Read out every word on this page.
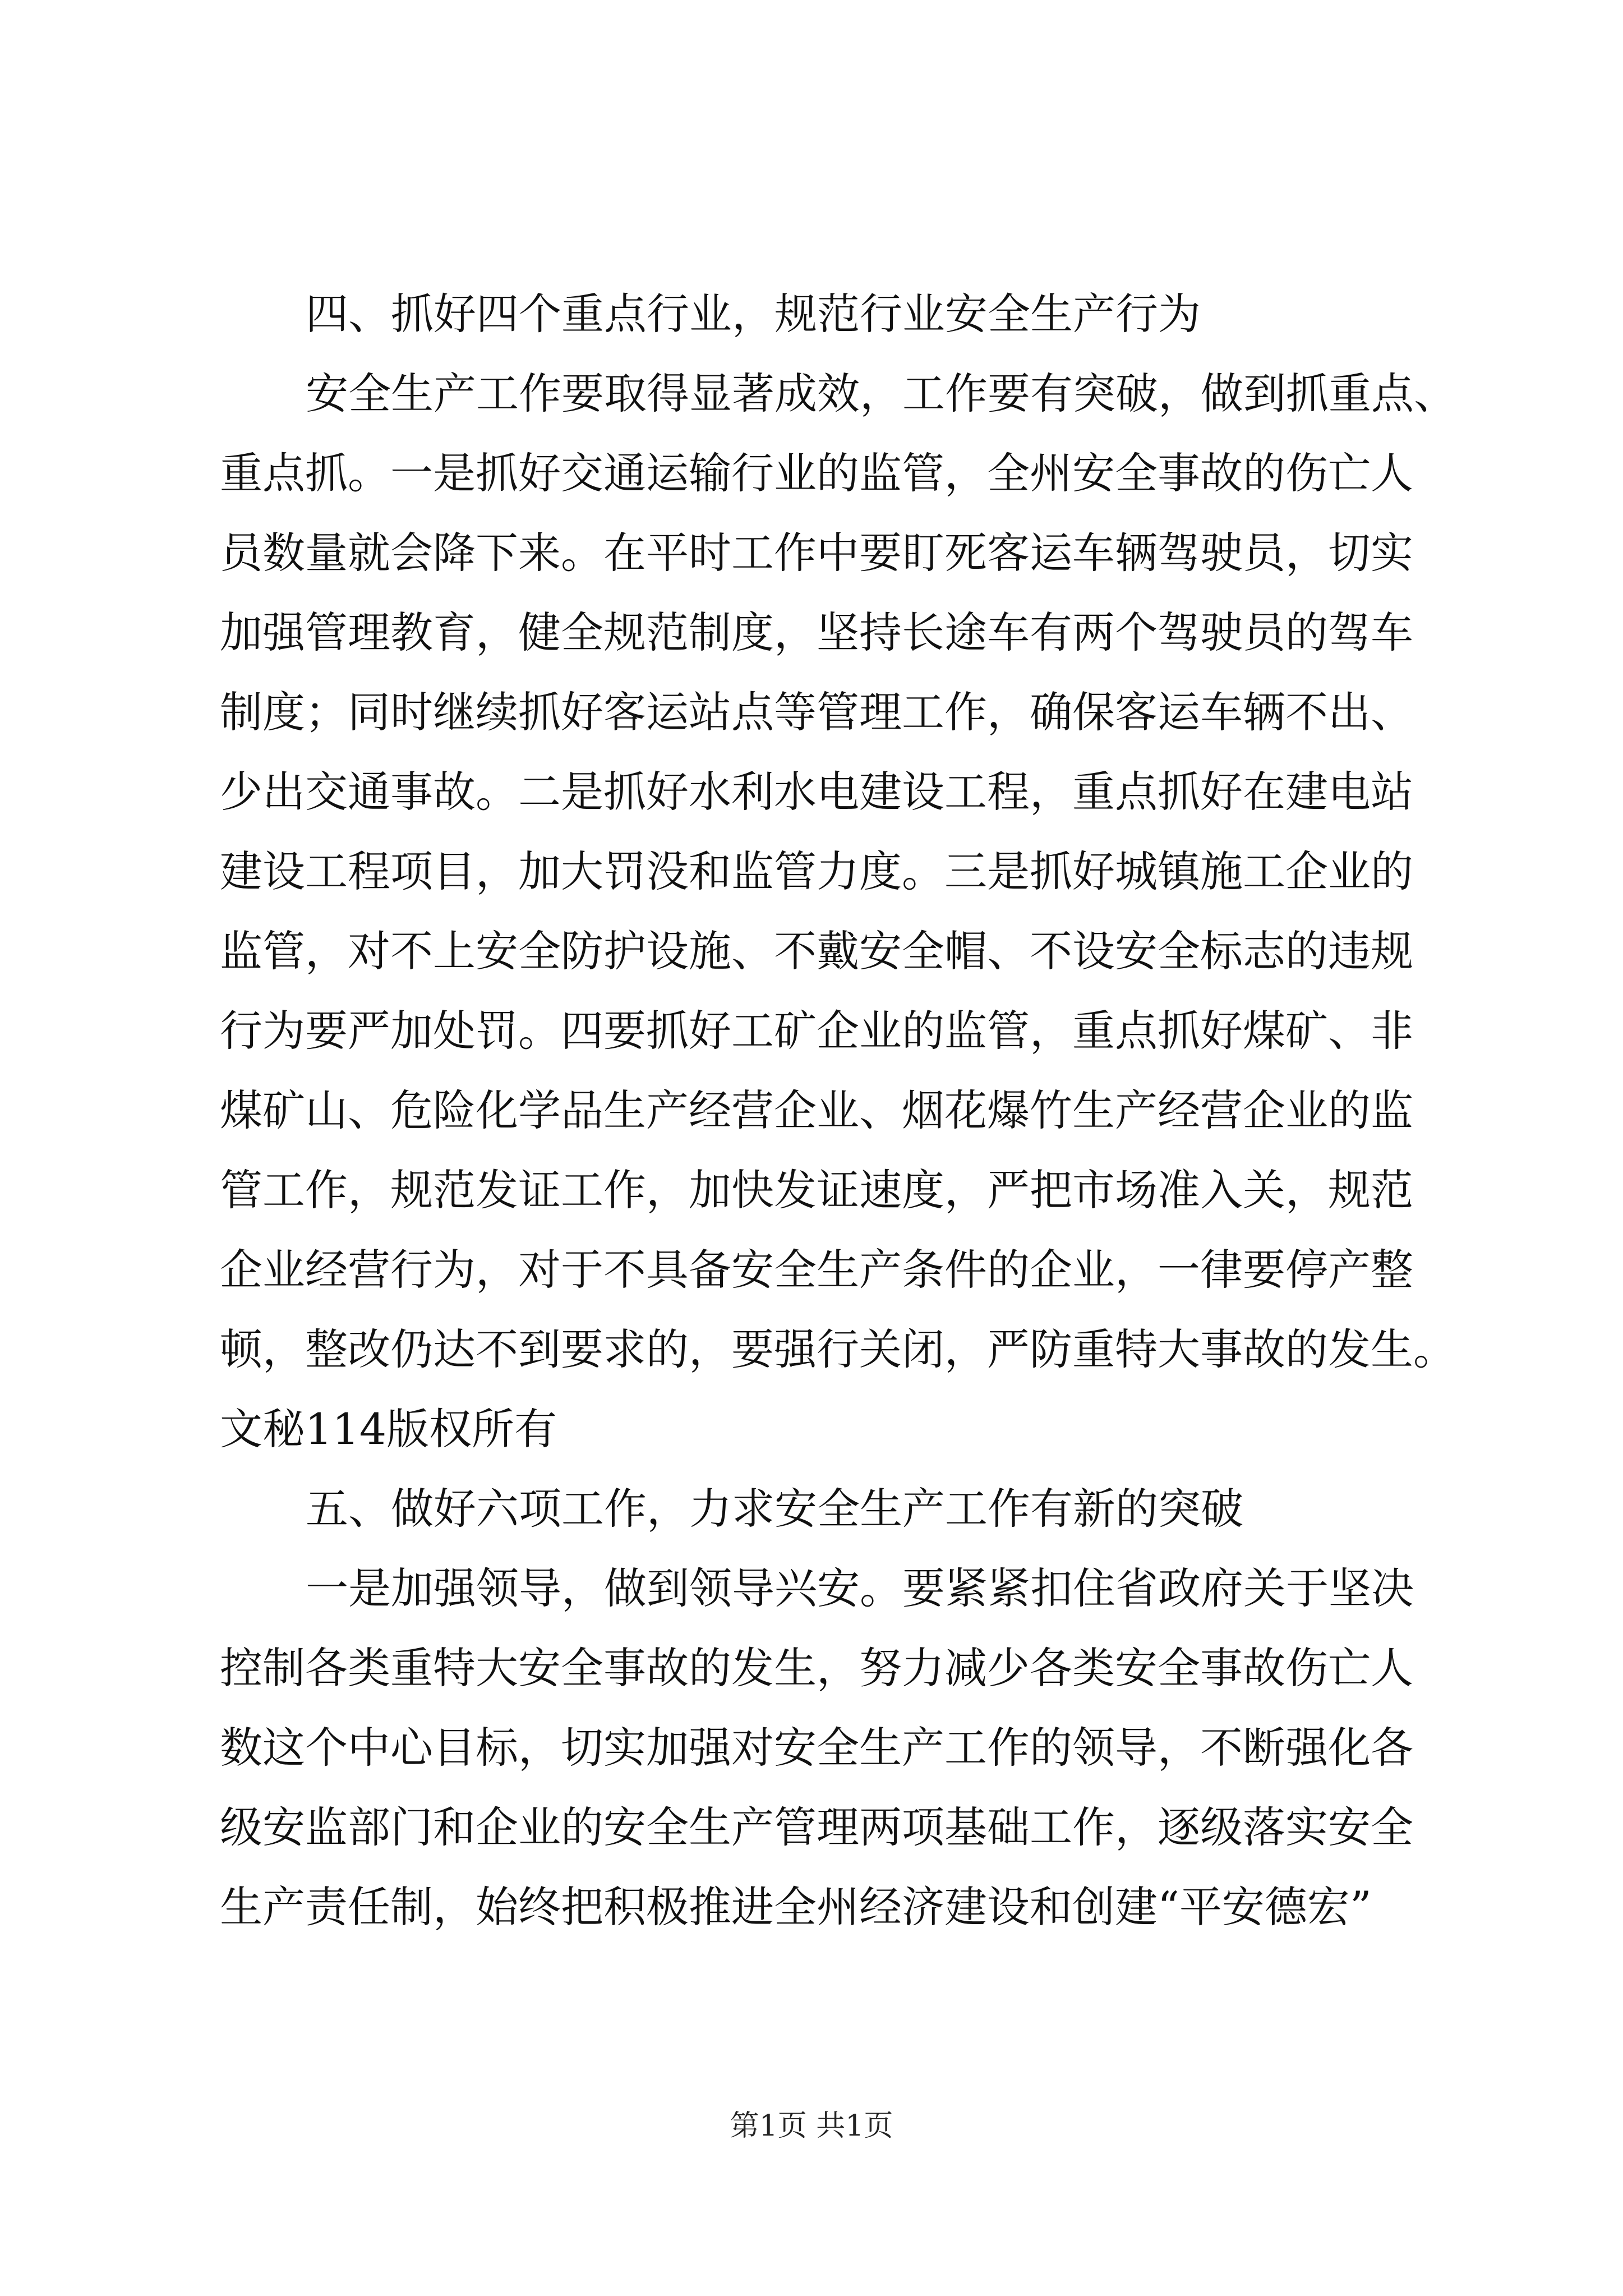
四、抓好四个重点行业，规范行业安全生产行为
安全生产工作要取得显著成效，工作要有突破，做到抓重点、
重点抓。一是抓好交通运输行业的监管，全州安全事故的伤亡人
员数量就会降下来。在平时工作中要盯死客运车辆驾驶员，切实
加强管理教育，健全规范制度，坚持长途车有两个驾驶员的驾车
制度；同时继续抓好客运站点等管理工作，确保客运车辆不出、
少出交通事故。二是抓好水利水电建设工程，重点抓好在建电站
建设工程项目，加大罚没和监管力度。三是抓好城镇施工企业的
监管，对不上安全防护设施、不戴安全帽、不设安全标志的违规
行为要严加处罚。四要抓好工矿企业的监管，重点抓好煤矿、非
煤矿山、危险化学品生产经营企业、烟花爆竹生产经营企业的监
管工作，规范发证工作，加快发证速度，严把市场准入关，规范
企业经营行为，对于不具备安全生产条件的企业，一律要停产整
顿，整改仍达不到要求的，要强行关闭，严防重特大事故的发生。
文秘114版权所有
五、做好六项工作，力求安全生产工作有新的突破
一是加强领导，做到领导兴安。要紧紧扣住省政府关于坚决
控制各类重特大安全事故的发生，努力减少各类安全事故伤亡人
数这个中心目标，切实加强对安全生产工作的领导，不断强化各
级安监部门和企业的安全生产管理两项基础工作，逐级落实安全
生产责任制，始终把积极推进全州经济建设和创建“平安德宏”
第1页 共1页
